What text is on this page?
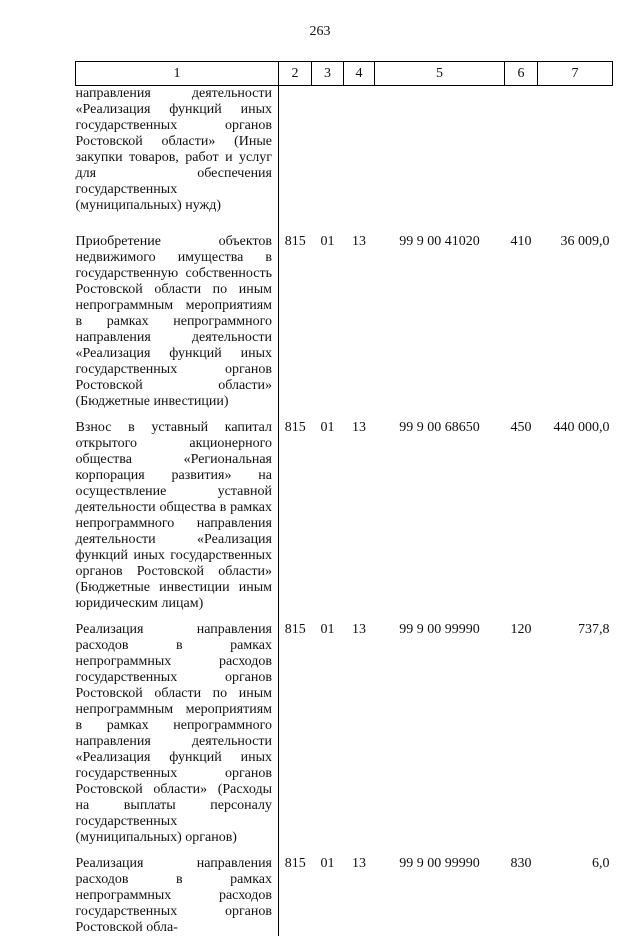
263
1	2	3	4	5	6	7
направления деятельности «Реализация функций иных государственных органов Ростовской области» (Иные закупки товаров, работ и услуг для обеспечения государственных (муниципальных) нужд)						
Приобретение объектов недвижимого имущества в государственную собственность Ростовской области по иным непрограммным мероприятиям в рамках непрограммного направления деятельности «Реализация функций иных государственных органов Ростовской области» (Бюджетные инвестиции)	815	01	13	99 9 00 41020	410	36 009,0
Взнос в уставный капитал открытого акционерного общества «Региональная корпорация развития» на осуществление уставной деятельности общества в рамках непрограммного направления деятельности «Реализация функций иных государственных органов Ростовской области» (Бюджетные инвестиции иным юридическим лицам)	815	01	13	99 9 00 68650	450	440 000,0
Реализация направления расходов в рамках непрограммных расходов государственных органов Ростовской области по иным непрограммным мероприятиям в рамках непрограммного направления деятельности «Реализация функций иных государственных органов Ростовской области» (Расходы на выплаты персоналу государственных (муниципальных) органов)	815	01	13	99 9 00 99990	120	737,8
Реализация направления расходов в рамках непрограммных расходов государственных органов Ростовской обла-	815	01	13	99 9 00 99990	830	6,0
